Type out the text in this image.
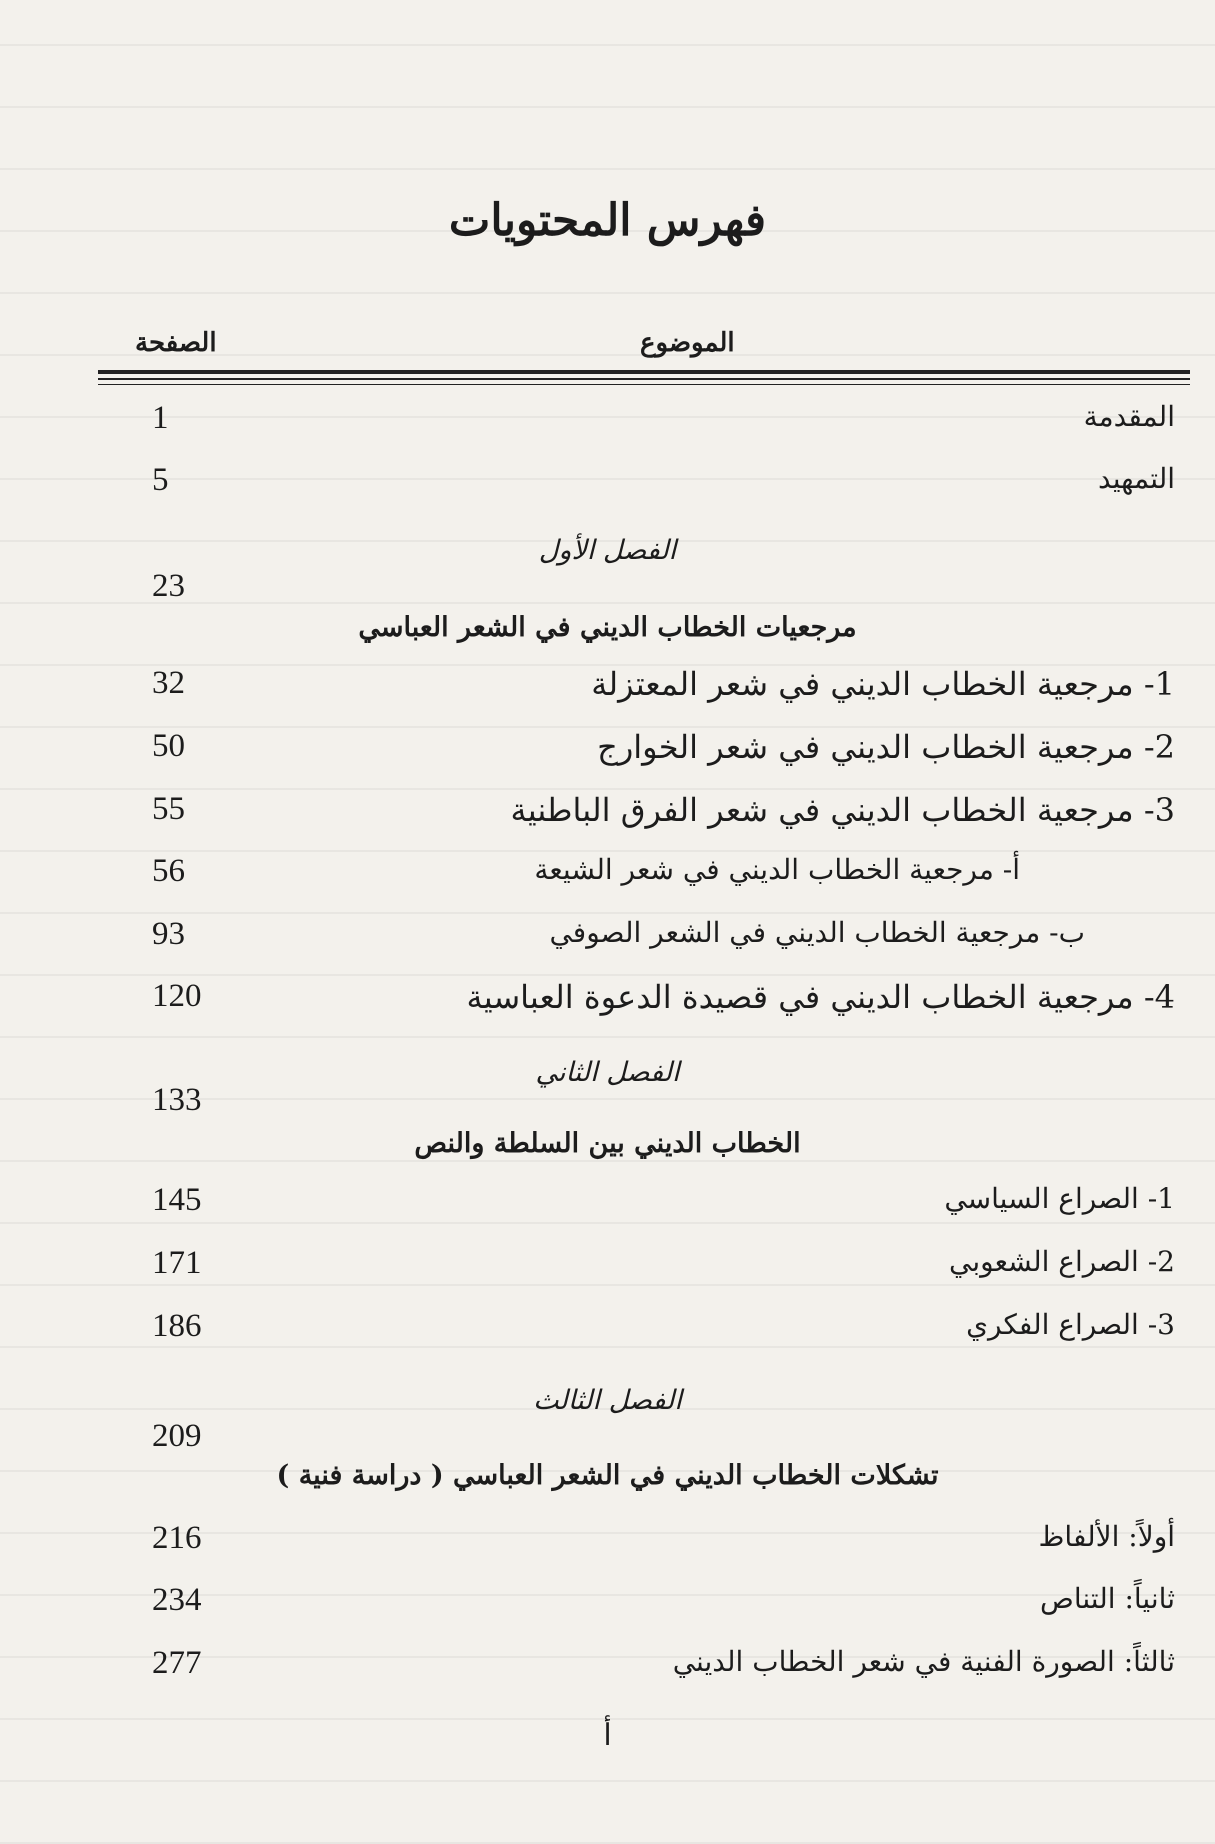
فهرس المحتويات
الصفحة	الموضوع
المقدمة
1
التمهيد
5
الفصل الأول
23
مرجعيات الخطاب الديني في الشعر العباسي
1- مرجعية الخطاب الديني في شعر المعتزلة
32
2- مرجعية الخطاب الديني في شعر الخوارج
50
3- مرجعية الخطاب الديني في شعر الفرق الباطنية
55
أ- مرجعية الخطاب الديني في شعر الشيعة
56
ب- مرجعية الخطاب الديني في الشعر الصوفي
93
4- مرجعية الخطاب الديني في قصيدة الدعوة العباسية
120
الفصل الثاني
133
الخطاب الديني بين السلطة والنص
1- الصراع السياسي
145
2- الصراع الشعوبي
171
3- الصراع الفكري
186
الفصل الثالث
209
تشكلات الخطاب الديني في الشعر العباسي ( دراسة فنية )
أولاً: الألفاظ
216
ثانياً: التناص
234
ثالثاً: الصورة الفنية في شعر الخطاب الديني
277
أ
